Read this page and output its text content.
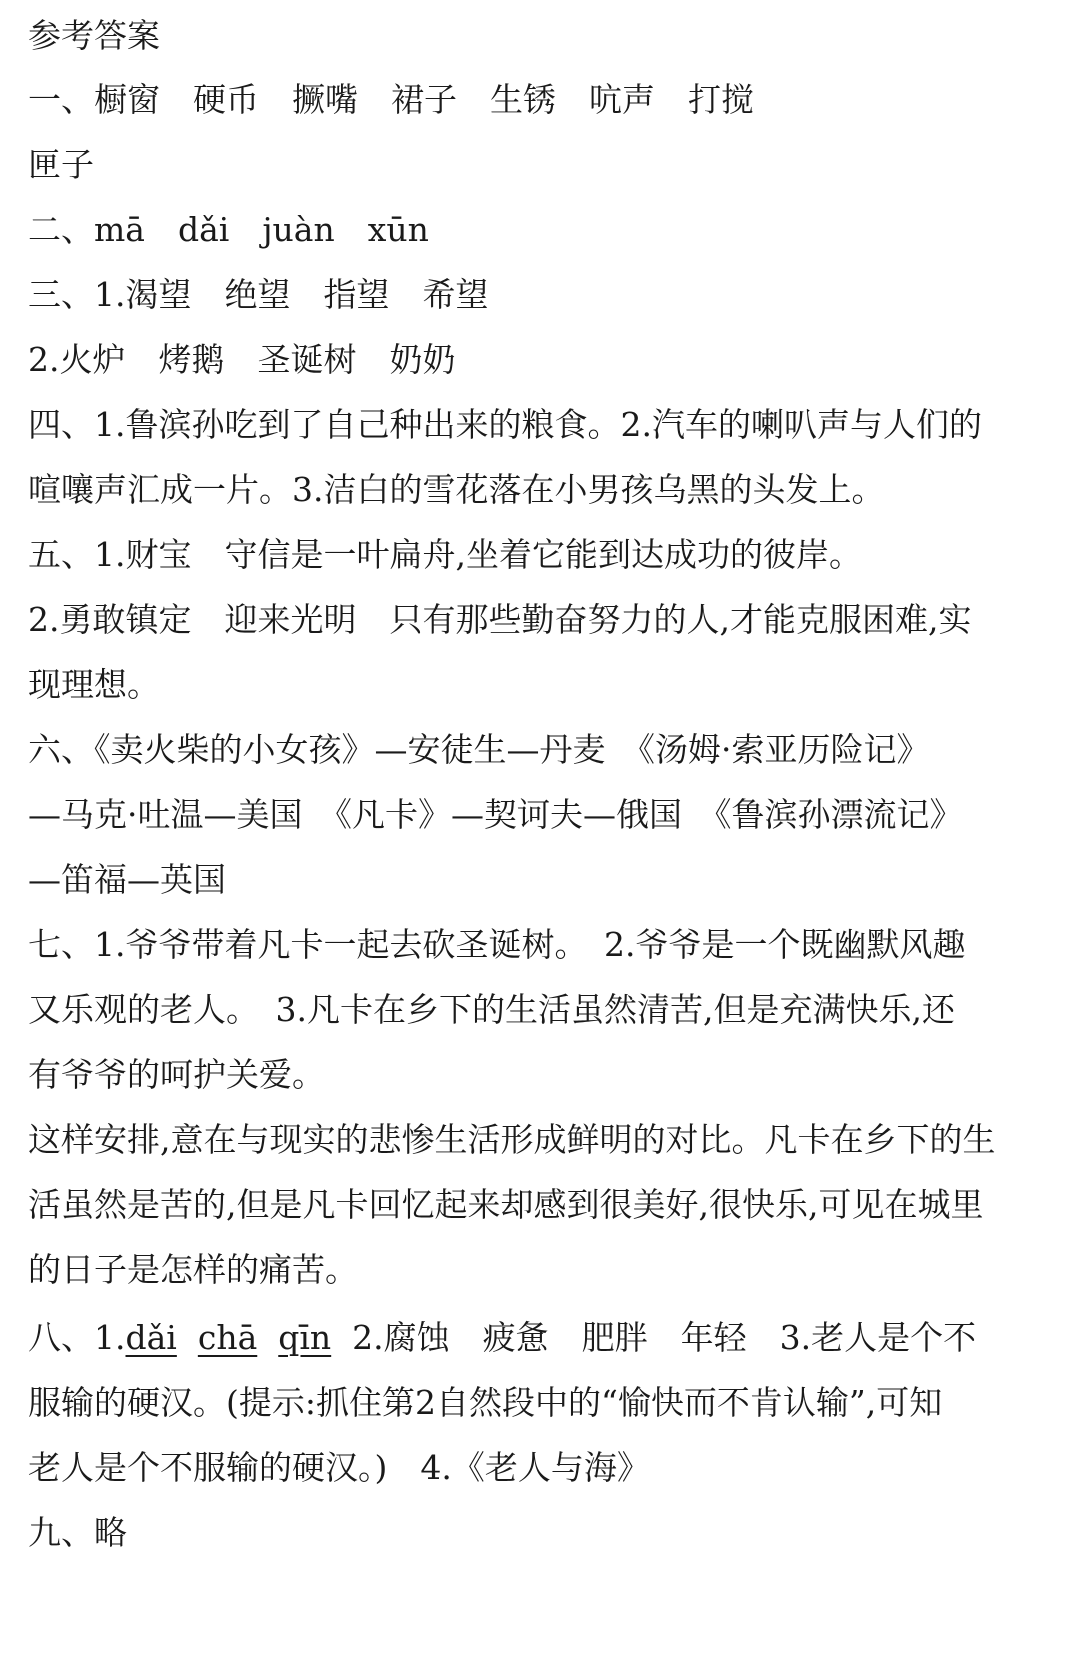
参考答案
一、橱窗　硬币　撅嘴　裙子　生锈　吭声　打搅
匣子
二、mā　dǎi　juàn　xūn
三、1.渴望　绝望　指望　希望
2.火炉　烤鹅　圣诞树　奶奶
四、1.鲁滨孙吃到了自己种出来的粮食。2.汽车的喇叭声与人们的
喧嚷声汇成一片。3.洁白的雪花落在小男孩乌黑的头发上。
五、1.财宝　守信是一叶扁舟,坐着它能到达成功的彼岸。
2.勇敢镇定　迎来光明　只有那些勤奋努力的人,才能克服困难,实
现理想。
六、《卖火柴的小女孩》—安徒生—丹麦　《汤姆·索亚历险记》
—马克·吐温—美国　《凡卡》—契诃夫—俄国　《鲁滨孙漂流记》
—笛福—英国
七、1.爷爷带着凡卡一起去砍圣诞树。　2.爷爷是一个既幽默风趣
又乐观的老人。　3.凡卡在乡下的生活虽然清苦,但是充满快乐,还
有爷爷的呵护关爱。
这样安排,意在与现实的悲惨生活形成鲜明的对比。凡卡在乡下的生
活虽然是苦的,但是凡卡回忆起来却感到很美好,很快乐,可见在城里
的日子是怎样的痛苦。
八、1.dǎi chā qīn 2.腐蚀　疲惫　肥胖　年轻　3.老人是个不
服输的硬汉。(提示:抓住第2自然段中的“愉快而不肯认输”,可知
老人是个不服输的硬汉。)　4.《老人与海》
九、略
